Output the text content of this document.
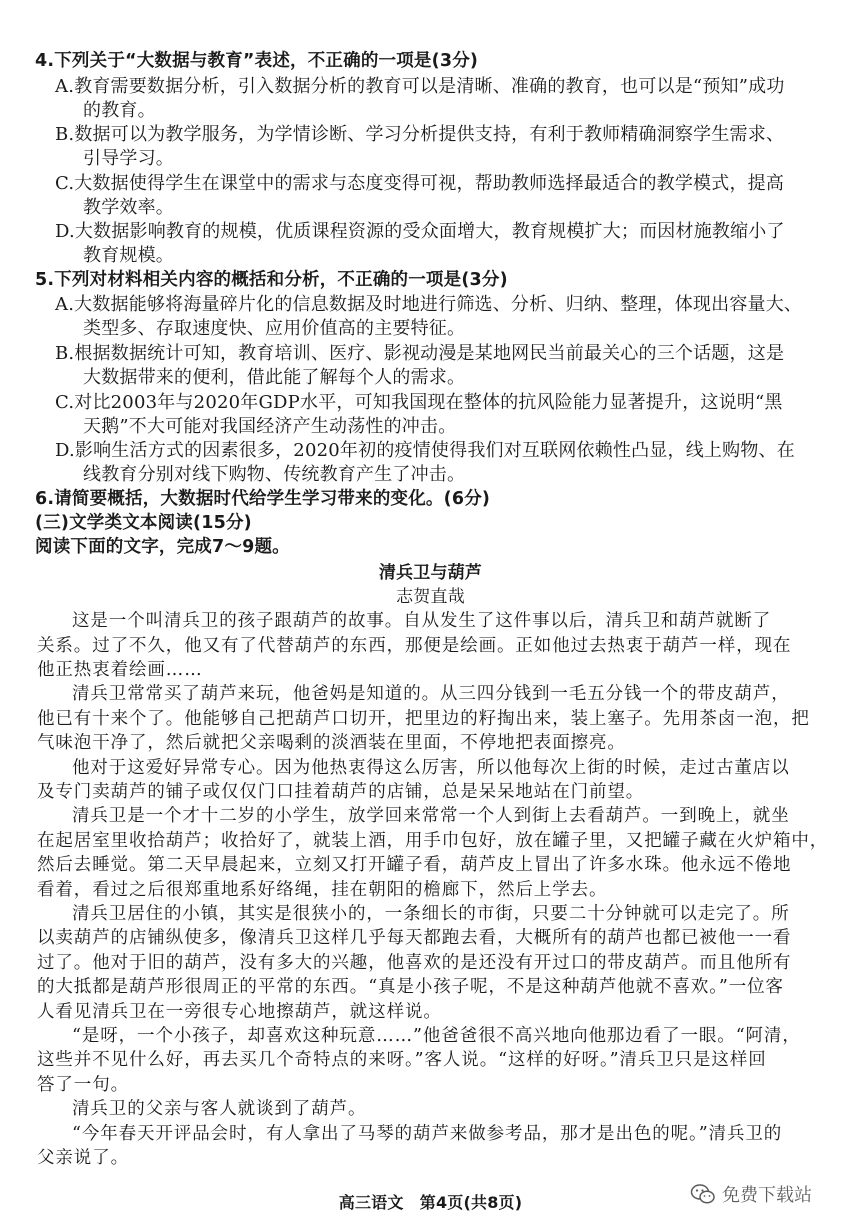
4.下列关于“大数据与教育”表述，不正确的一项是(3分)
A.教育需要数据分析，引入数据分析的教育可以是清晰、准确的教育，也可以是“预知”成功
的教育。
B.数据可以为教学服务，为学情诊断、学习分析提供支持，有利于教师精确洞察学生需求、
引导学习。
C.大数据使得学生在课堂中的需求与态度变得可视，帮助教师选择最适合的教学模式，提高
教学效率。
D.大数据影响教育的规模，优质课程资源的受众面增大，教育规模扩大；而因材施教缩小了
教育规模。
5.下列对材料相关内容的概括和分析，不正确的一项是(3分)
A.大数据能够将海量碎片化的信息数据及时地进行筛选、分析、归纳、整理，体现出容量大、
类型多、存取速度快、应用价值高的主要特征。
B.根据数据统计可知，教育培训、医疗、影视动漫是某地网民当前最关心的三个话题，这是
大数据带来的便利，借此能了解每个人的需求。
C.对比2003年与2020年GDP水平，可知我国现在整体的抗风险能力显著提升，这说明“黑
天鹅”不大可能对我国经济产生动荡性的冲击。
D.影响生活方式的因素很多，2020年初的疫情使得我们对互联网依赖性凸显，线上购物、在
线教育分别对线下购物、传统教育产生了冲击。
6.请简要概括，大数据时代给学生学习带来的变化。(6分)
(三)文学类文本阅读(15分)
阅读下面的文字，完成7～9题。
清兵卫与葫芦
志贺直哉
这是一个叫清兵卫的孩子跟葫芦的故事。自从发生了这件事以后，清兵卫和葫芦就断了
关系。过了不久，他又有了代替葫芦的东西，那便是绘画。正如他过去热衷于葫芦一样，现在
他正热衷着绘画……
清兵卫常常买了葫芦来玩，他爸妈是知道的。从三四分钱到一毛五分钱一个的带皮葫芦，
他已有十来个了。他能够自己把葫芦口切开，把里边的籽掏出来，装上塞子。先用茶卤一泡，把
气味泡干净了，然后就把父亲喝剩的淡酒装在里面，不停地把表面擦亮。
他对于这爱好异常专心。因为他热衷得这么厉害，所以他每次上街的时候，走过古董店以
及专门卖葫芦的铺子或仅仅门口挂着葫芦的店铺，总是呆呆地站在门前望。
清兵卫是一个才十二岁的小学生，放学回来常常一个人到街上去看葫芦。一到晚上，就坐
在起居室里收拾葫芦；收拾好了，就装上酒，用手巾包好，放在罐子里，又把罐子藏在火炉箱中，
然后去睡觉。第二天早晨起来，立刻又打开罐子看，葫芦皮上冒出了许多水珠。他永远不倦地
看着，看过之后很郑重地系好络绳，挂在朝阳的檐廊下，然后上学去。
清兵卫居住的小镇，其实是很狭小的，一条细长的市街，只要二十分钟就可以走完了。所
以卖葫芦的店铺纵使多，像清兵卫这样几乎每天都跑去看，大概所有的葫芦也都已被他一一看
过了。他对于旧的葫芦，没有多大的兴趣，他喜欢的是还没有开过口的带皮葫芦。而且他所有
的大抵都是葫芦形很周正的平常的东西。“真是小孩子呢，不是这种葫芦他就不喜欢。”一位客
人看见清兵卫在一旁很专心地擦葫芦，就这样说。
“是呀，一个小孩子，却喜欢这种玩意……”他爸爸很不高兴地向他那边看了一眼。“阿清，
这些并不见什么好，再去买几个奇特点的来呀。”客人说。“这样的好呀。”清兵卫只是这样回
答了一句。
清兵卫的父亲与客人就谈到了葫芦。
“今年春天开评品会时，有人拿出了马琴的葫芦来做参考品，那才是出色的呢。”清兵卫的
父亲说了。
高三语文　第4页(共8页)	免费下载站
